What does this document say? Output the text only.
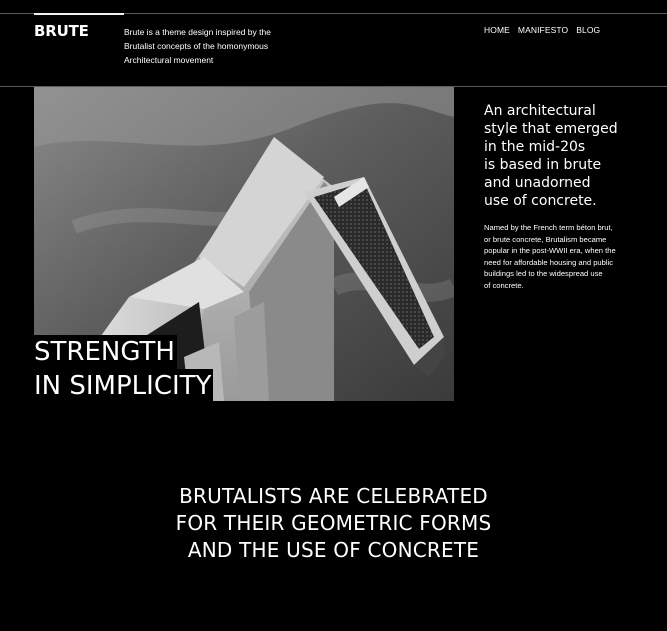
BRUTE	Brute is a theme design inspired by the
Brutalist concepts of the homonymous
Architectural movement
HOME MANIFESTO BLOG
STRENGTH
IN SIMPLICITY
An architectural
style that emerged
in the mid-20s
is based in brute
and unadorned
use of concrete.
Named by the French term béton brut,
or brute concrete, Brutalism became
popular in the post-WWII era, when the
need for affordable housing and public
buildings led to the widespread use
of concrete.
BRUTALISTS ARE CELEBRATED
FOR THEIR GEOMETRIC FORMS
AND THE USE OF CONCRETE
